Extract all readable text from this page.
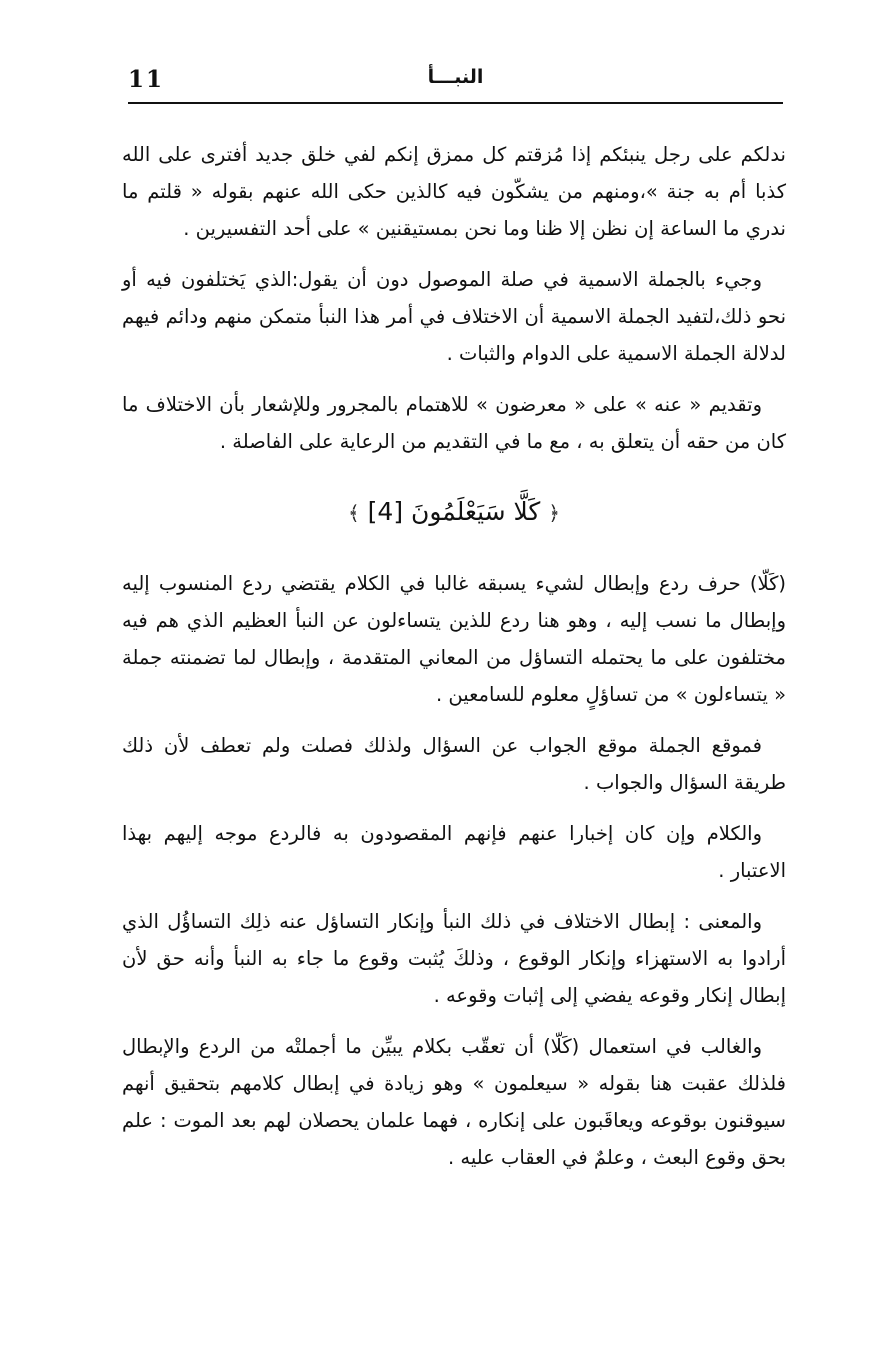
11	النبـــأ

ندلكم على رجل ينبئكم إذا مُزقتم كل ممزق إنكم لفي خلق جديد أفترى على الله كذبا أم به جنة »،ومنهم من يشكّون فيه كالذين حكى الله عنهم بقوله « قلتم ما ندري ما الساعة إن نظن إلا ظنا وما نحن بمستيقنين » على أحد التفسيرين .

وجيء بالجملة الاسمية في صلة الموصول دون أن يقول:الذي يَختلفون فيه أو نحو ذلك،لتفيد الجملة الاسمية أن الاختلاف في أمر هذا النبأ متمكن منهم ودائم فيهم لدلالة الجملة الاسمية على الدوام والثبات .

وتقديم « عنه » على « معرضون » للاهتمام بالمجرور وللإشعار بأن الاختلاف ما كان من حقه أن يتعلق به ، مع ما في التقديم من الرعاية على الفاصلة .

﴿ كَلَّا سَيَعْلَمُونَ [4] ﴾

(كَلّا) حرف ردع وإبطال لشيء يسبقه غالبا في الكلام يقتضي ردع المنسوب إليه وإبطال ما نسب إليه ، وهو هنا ردع للذين يتساءلون عن النبأ العظيم الذي هم فيه مختلفون على ما يحتمله التساؤل من المعاني المتقدمة ، وإبطال لما تضمنته جملة « يتساءلون » من تساؤلٍ معلوم للسامعين .

فموقع الجملة موقع الجواب عن السؤال ولذلك فصلت ولم تعطف لأن ذلك طريقة السؤال والجواب .

والكلام وإن كان إخبارا عنهم فإنهم المقصودون به فالردع موجه إليهم بهذا الاعتبار .

والمعنى : إبطال الاختلاف في ذلك النبأ وإنكار التساؤل عنه ذلِك التساؤُل الذي أرادوا به الاستهزاء وإنكار الوقوع ، وذلكَ يُثبت وقوع ما جاء به النبأ وأنه حق لأن إبطال إنكار وقوعه يفضي إلى إثبات وقوعه .

والغالب في استعمال (كَلّا) أن تعقّب بكلام يبيِّن ما أجملتْه من الردع والإبطال فلذلك عقبت هنا بقوله « سيعلمون » وهو زيادة في إبطال كلامهم بتحقيق أنهم سيوقنون بوقوعه ويعاقَبون على إنكاره ، فهما علمان يحصلان لهم بعد الموت : علم بحق وقوع البعث ، وعلمٌ في العقاب عليه .
